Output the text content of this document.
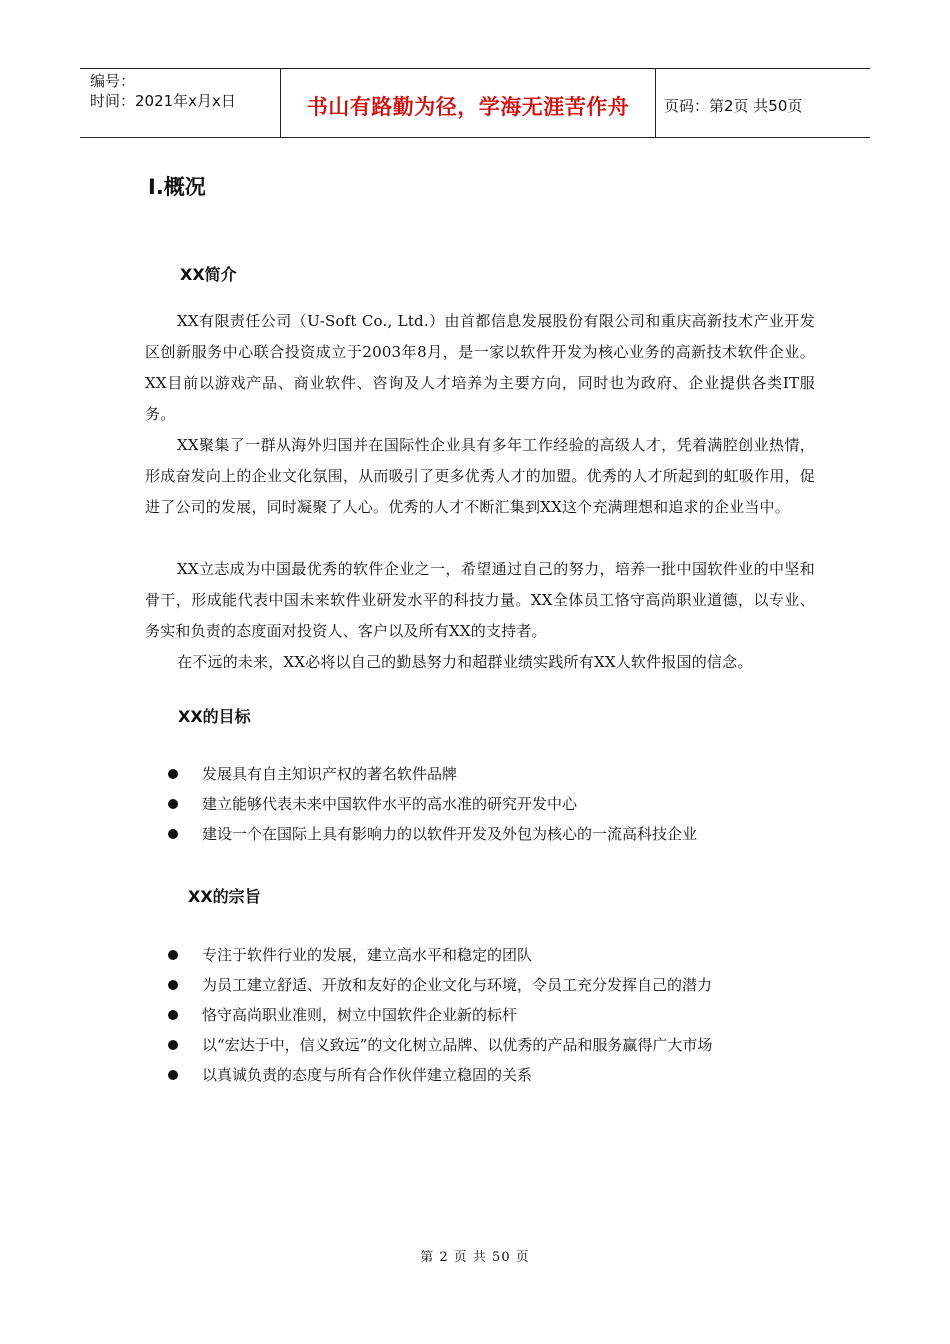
编号：
时间：2021年x月x日	书山有路勤为径，学海无涯苦作舟	页码：第2页 共50页
I.概况
XX简介
XX有限责任公司（U-Soft Co., Ltd.）由首都信息发展股份有限公司和重庆高新技术产业开发区创新服务中心联合投资成立于2003年8月，是一家以软件开发为核心业务的高新技术软件企业。XX目前以游戏产品、商业软件、咨询及人才培养为主要方向，同时也为政府、企业提供各类IT服务。
XX聚集了一群从海外归国并在国际性企业具有多年工作经验的高级人才，凭着满腔创业热情，形成奋发向上的企业文化氛围，从而吸引了更多优秀人才的加盟。优秀的人才所起到的虹吸作用，促进了公司的发展，同时凝聚了人心。优秀的人才不断汇集到XX这个充满理想和追求的企业当中。
XX立志成为中国最优秀的软件企业之一，希望通过自己的努力，培养一批中国软件业的中坚和骨干，形成能代表中国未来软件业研发水平的科技力量。XX全体员工恪守高尚职业道德，以专业、务实和负责的态度面对投资人、客户以及所有XX的支持者。
在不远的未来，XX必将以自己的勤恳努力和超群业绩实践所有XX人软件报国的信念。
XX的目标
发展具有自主知识产权的著名软件品牌
建立能够代表未来中国软件水平的高水准的研究开发中心
建设一个在国际上具有影响力的以软件开发及外包为核心的一流高科技企业
XX的宗旨
专注于软件行业的发展，建立高水平和稳定的团队
为员工建立舒适、开放和友好的企业文化与环境，令员工充分发挥自己的潜力
恪守高尚职业准则，树立中国软件企业新的标杆
以“宏达于中，信义致远”的文化树立品牌、以优秀的产品和服务赢得广大市场
以真诚负责的态度与所有合作伙伴建立稳固的关系
第 2 页 共 50 页
